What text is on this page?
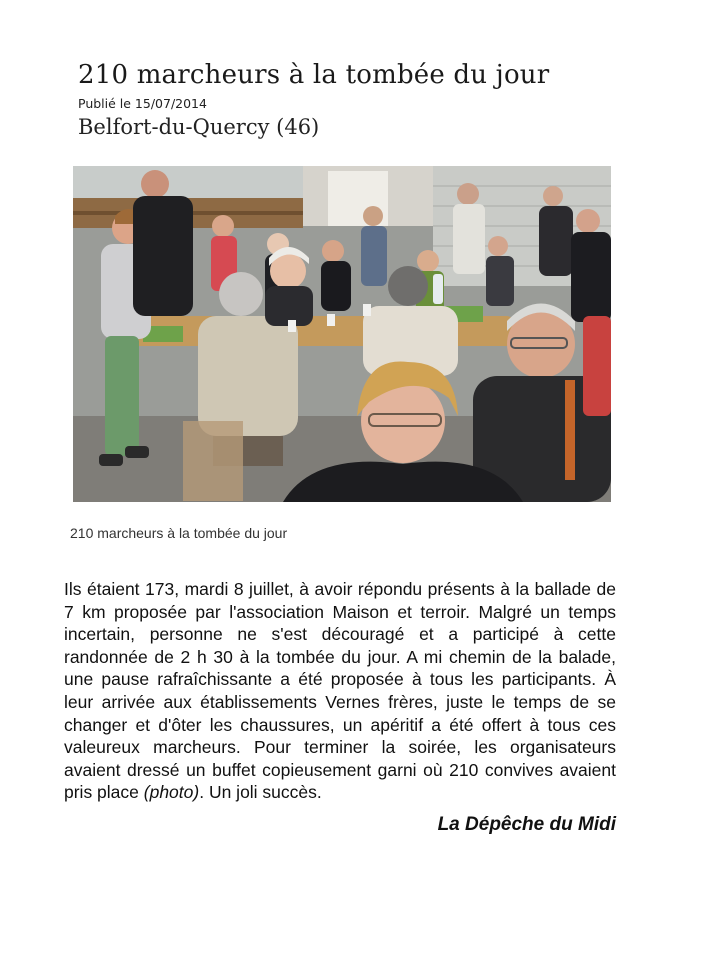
210 marcheurs à la tombée du jour
Publié le 15/07/2014
Belfort-du-Quercy (46)
210 marcheurs à la tombée du jour

Ils étaient 173, mardi 8 juillet, à avoir répondu présents à la ballade de 7 km proposée par l'association Maison et terroir. Malgré un temps incertain, personne ne s'est découragé et a participé à cette randonnée de 2 h 30 à la tombée du jour. A mi chemin de la balade, une pause rafraîchissante a été proposée à tous les participants. À leur arrivée aux établissements Vernes frères, juste le temps de se changer et d'ôter les chaussures, un apéritif a été offert à tous ces valeureux marcheurs. Pour terminer la soirée, les organisateurs avaient dressé un buffet copieusement garni où 210 convives avaient pris place (photo). Un joli succès.

La Dépêche du Midi
